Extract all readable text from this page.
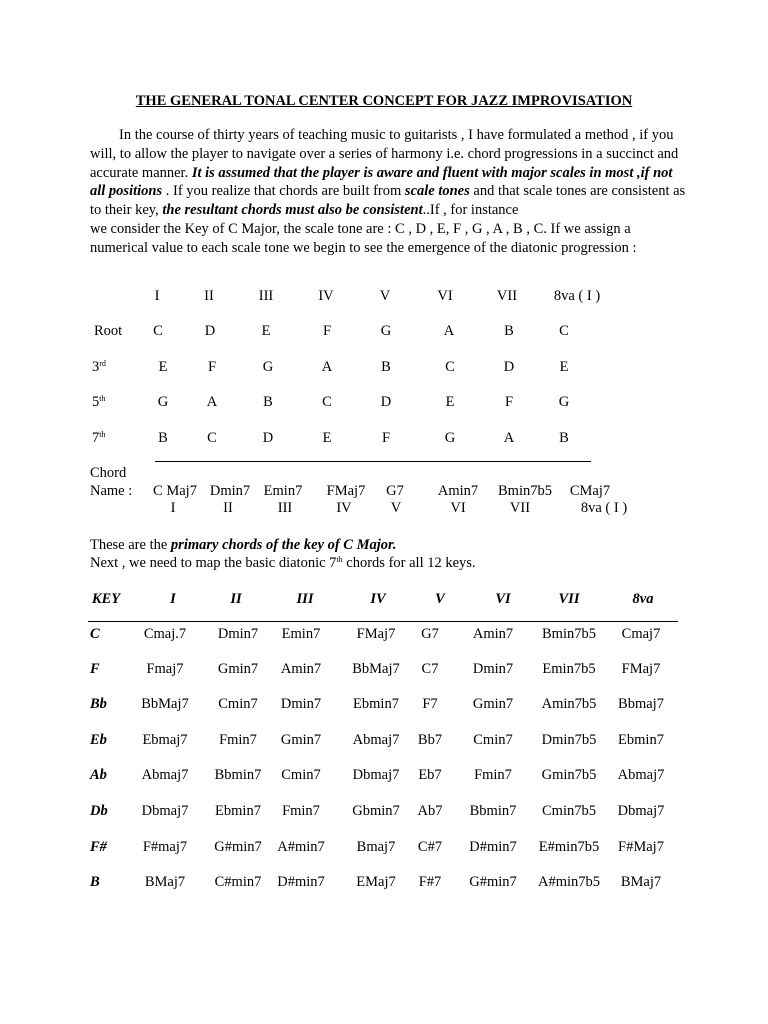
THE GENERAL TONAL CENTER CONCEPT FOR JAZZ IMPROVISATION

In the course of thirty years of teaching music to guitarists , I have formulated a method , if you will, to allow the player to navigate over a series of harmony i.e. chord progressions in a succinct and accurate manner. It is assumed that the player is aware and fluent with major scales in most ,if not all positions . If you realize that chords are built from scale tones and that scale tones are consistent as to their key, the resultant chords must also be consistent..If , for instance

we consider the Key of C Major, the scale tone are : C , D , E, F , G , A , B , C. If we assign a numerical value to each scale tone we begin to see the emergence of the diatonic progression :

I	II	III	IV	V	VI	VII	8va ( I )
Root C	D	E	F	G	A	B	C
3rd	E	F	G	A	B	C	D	E
5th	G	A	B	C	D	E	F	G
7th	B	C	D	E	F	G	A	B
Chord
Name : C Maj7 Dmin7 Emin7 FMaj7 G7 Amin7 Bmin7b5 CMaj7
I	II	III	IV	V	VI	VII	8va ( I )
These are the primary chords of the key of C Major.
Next , we need to map the basic diatonic 7th chords for all 12 keys.
KEY	I	II	III	IV	V	VI	VII	8va
C	Cmaj.7 Dmin7 Emin7	FMaj7 G7 Amin7 Bmin7b5 Cmaj7
F	Fmaj7 Gmin7 Amin7 BbMaj7 C7 Dmin7 Emin7b5 FMaj7
Bb BbMaj7 Cmin7 Dmin7 Ebmin7 F7 Gmin7 Amin7b5 Bbmaj7
Eb Ebmaj7 Fmin7 Gmin7 Abmaj7 Bb7 Cmin7 Dmin7b5 Ebmin7
Ab Abmaj7 Bbmin7 Cmin7 Dbmaj7 Eb7 Fmin7 Gmin7b5 Abmaj7
Db Dbmaj7 Ebmin7 Fmin7 Gbmin7 Ab7 Bbmin7 Cmin7b5 Dbmaj7
F# F#maj7 G#min7 A#min7 Bmaj7 C#7 D#min7 E#min7b5 F#Maj7
B	BMaj7 C#min7 D#min7 EMaj7 F#7 G#min7 A#min7b5 BMaj7
